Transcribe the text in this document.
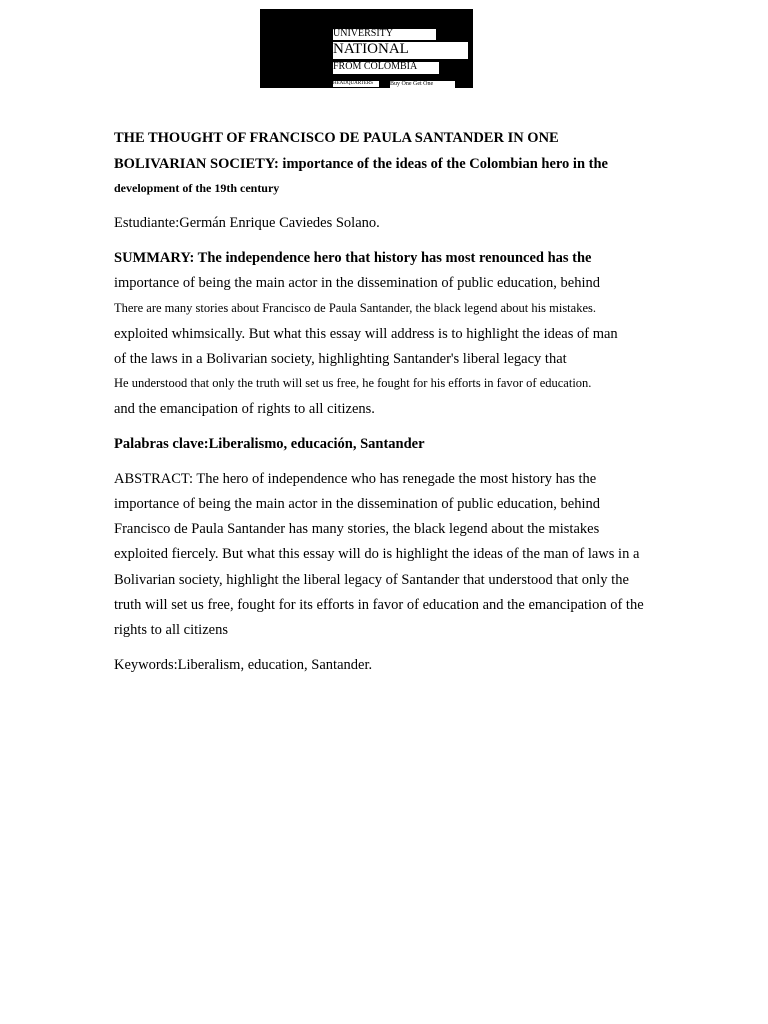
UNIVERSITY
NATIONAL
FROM COLOMBIA
HEADQUARTERS	Buy One Get One
THE THOUGHT OF FRANCISCO DE PAULA SANTANDER IN ONE
BOLIVARIAN SOCIETY: importance of the ideas of the Colombian hero in the
development of the 19th century
Estudiante:Germán Enrique Caviedes Solano.
SUMMARY: The independence hero that history has most renounced has the
importance of being the main actor in the dissemination of public education, behind
There are many stories about Francisco de Paula Santander, the black legend about his mistakes.
exploited whimsically. But what this essay will address is to highlight the ideas of man
of the laws in a Bolivarian society, highlighting Santander's liberal legacy that
He understood that only the truth will set us free, he fought for his efforts in favor of education.
and the emancipation of rights to all citizens.
Palabras clave:Liberalismo, educación, Santander
ABSTRACT: The hero of independence who has renegade the most history has the
importance of being the main actor in the dissemination of public education, behind
Francisco de Paula Santander has many stories, the black legend about the mistakes
exploited fiercely. But what this essay will do is highlight the ideas of the man of laws in a
Bolivarian society, highlight the liberal legacy of Santander that understood that only the
truth will set us free, fought for its efforts in favor of education and the emancipation of the
rights to all citizens
Keywords:Liberalism, education, Santander.
